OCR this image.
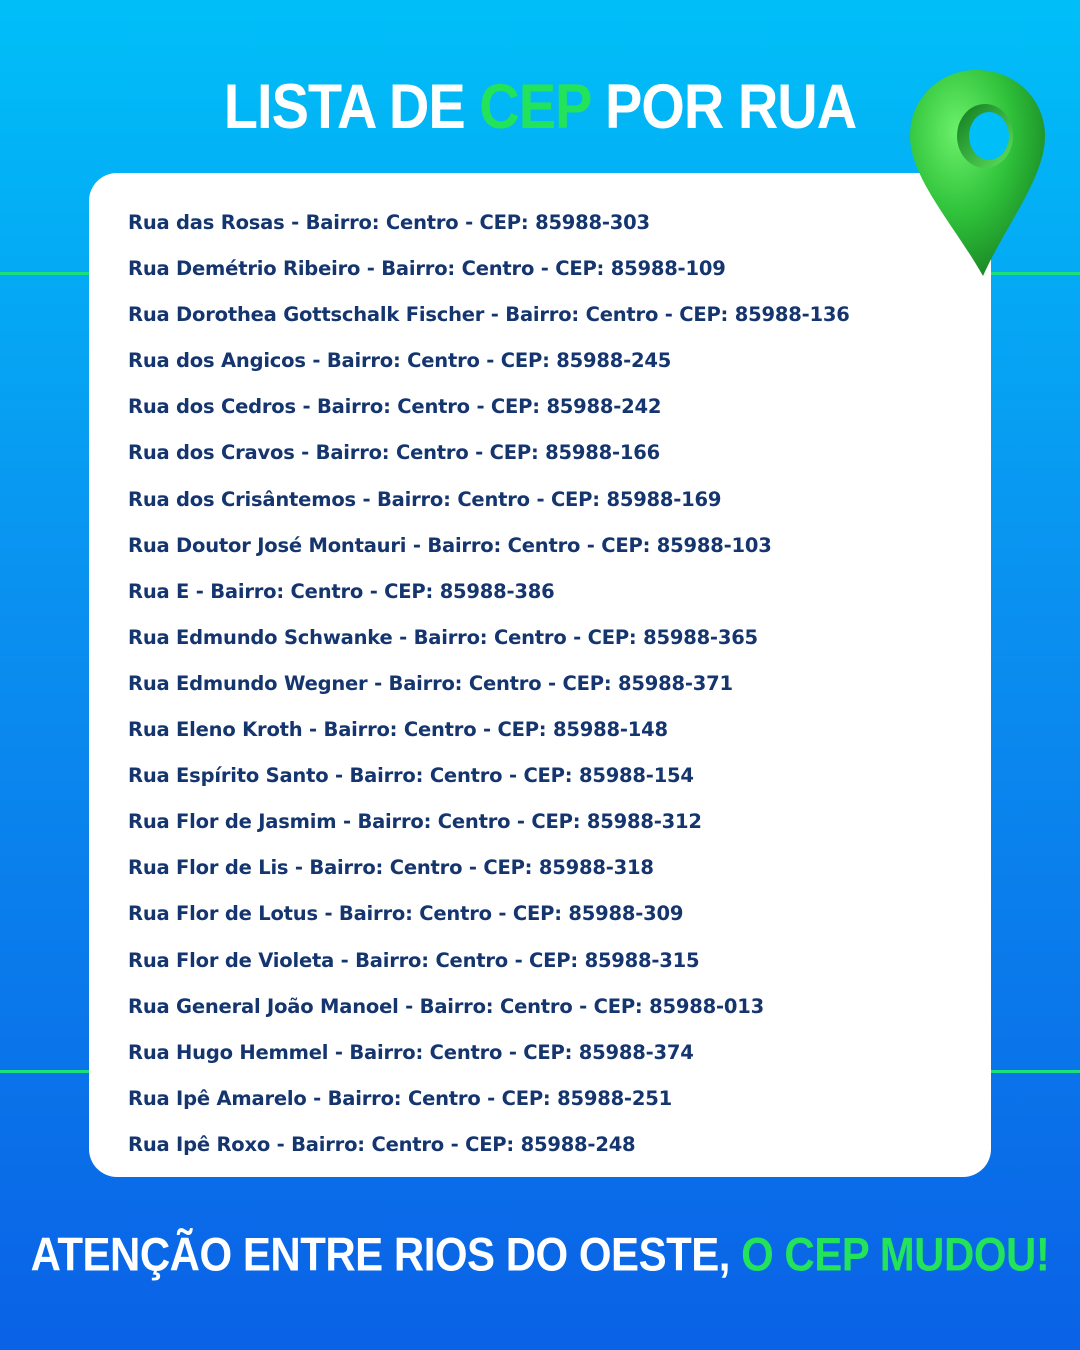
LISTA DE CEP POR RUA
Rua das Rosas - Bairro: Centro - CEP: 85988-303
Rua Demétrio Ribeiro - Bairro: Centro - CEP: 85988-109
Rua Dorothea Gottschalk Fischer - Bairro: Centro - CEP: 85988-136
Rua dos Angicos - Bairro: Centro - CEP: 85988-245
Rua dos Cedros - Bairro: Centro - CEP: 85988-242
Rua dos Cravos - Bairro: Centro - CEP: 85988-166
Rua dos Crisântemos - Bairro: Centro - CEP: 85988-169
Rua Doutor José Montauri - Bairro: Centro - CEP: 85988-103
Rua E - Bairro: Centro - CEP: 85988-386
Rua Edmundo Schwanke - Bairro: Centro - CEP: 85988-365
Rua Edmundo Wegner - Bairro: Centro - CEP: 85988-371
Rua Eleno Kroth - Bairro: Centro - CEP: 85988-148
Rua Espírito Santo - Bairro: Centro - CEP: 85988-154
Rua Flor de Jasmim - Bairro: Centro - CEP: 85988-312
Rua Flor de Lis - Bairro: Centro - CEP: 85988-318
Rua Flor de Lotus - Bairro: Centro - CEP: 85988-309
Rua Flor de Violeta - Bairro: Centro - CEP: 85988-315
Rua General João Manoel - Bairro: Centro - CEP: 85988-013
Rua Hugo Hemmel - Bairro: Centro - CEP: 85988-374
Rua Ipê Amarelo - Bairro: Centro - CEP: 85988-251
Rua Ipê Roxo - Bairro: Centro - CEP: 85988-248
ATENÇÃO ENTRE RIOS DO OESTE, O CEP MUDOU!
